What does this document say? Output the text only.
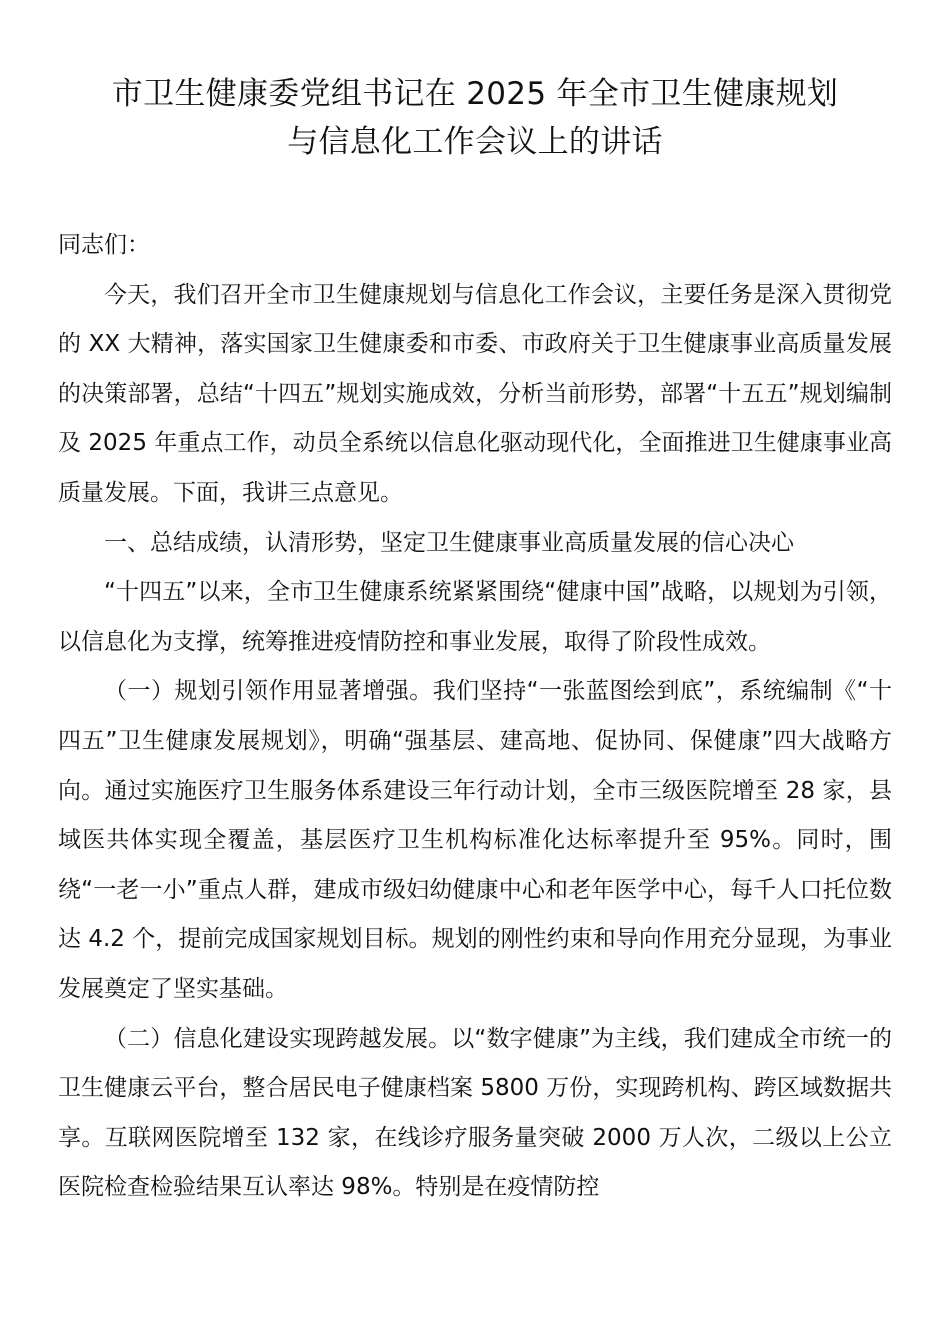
市卫生健康委党组书记在 2025 年全市卫生健康规划
与信息化工作会议上的讲话

同志们：

今天，我们召开全市卫生健康规划与信息化工作会议，主要任务是深入贯彻党的 XX 大精神，落实国家卫生健康委和市委、市政府关于卫生健康事业高质量发展的决策部署，总结“十四五”规划实施成效，分析当前形势，部署“十五五”规划编制及 2025 年重点工作，动员全系统以信息化驱动现代化，全面推进卫生健康事业高质量发展。下面，我讲三点意见。

一、总结成绩，认清形势，坚定卫生健康事业高质量发展的信心决心

“十四五”以来，全市卫生健康系统紧紧围绕“健康中国”战略，以规划为引领，以信息化为支撑，统筹推进疫情防控和事业发展，取得了阶段性成效。

（一）规划引领作用显著增强。我们坚持“一张蓝图绘到底”，系统编制《“十四五”卫生健康发展规划》，明确“强基层、建高地、促协同、保健康”四大战略方向。通过实施医疗卫生服务体系建设三年行动计划，全市三级医院增至 28 家，县域医共体实现全覆盖，基层医疗卫生机构标准化达标率提升至 95%。同时，围绕“一老一小”重点人群，建成市级妇幼健康中心和老年医学中心，每千人口托位数达 4.2 个，提前完成国家规划目标。规划的刚性约束和导向作用充分显现，为事业发展奠定了坚实基础。

（二）信息化建设实现跨越发展。以“数字健康”为主线，我们建成全市统一的卫生健康云平台，整合居民电子健康档案 5800 万份，实现跨机构、跨区域数据共享。互联网医院增至 132 家，在线诊疗服务量突破 2000 万人次，二级以上公立医院检查检验结果互认率达 98%。特别是在疫情防控
